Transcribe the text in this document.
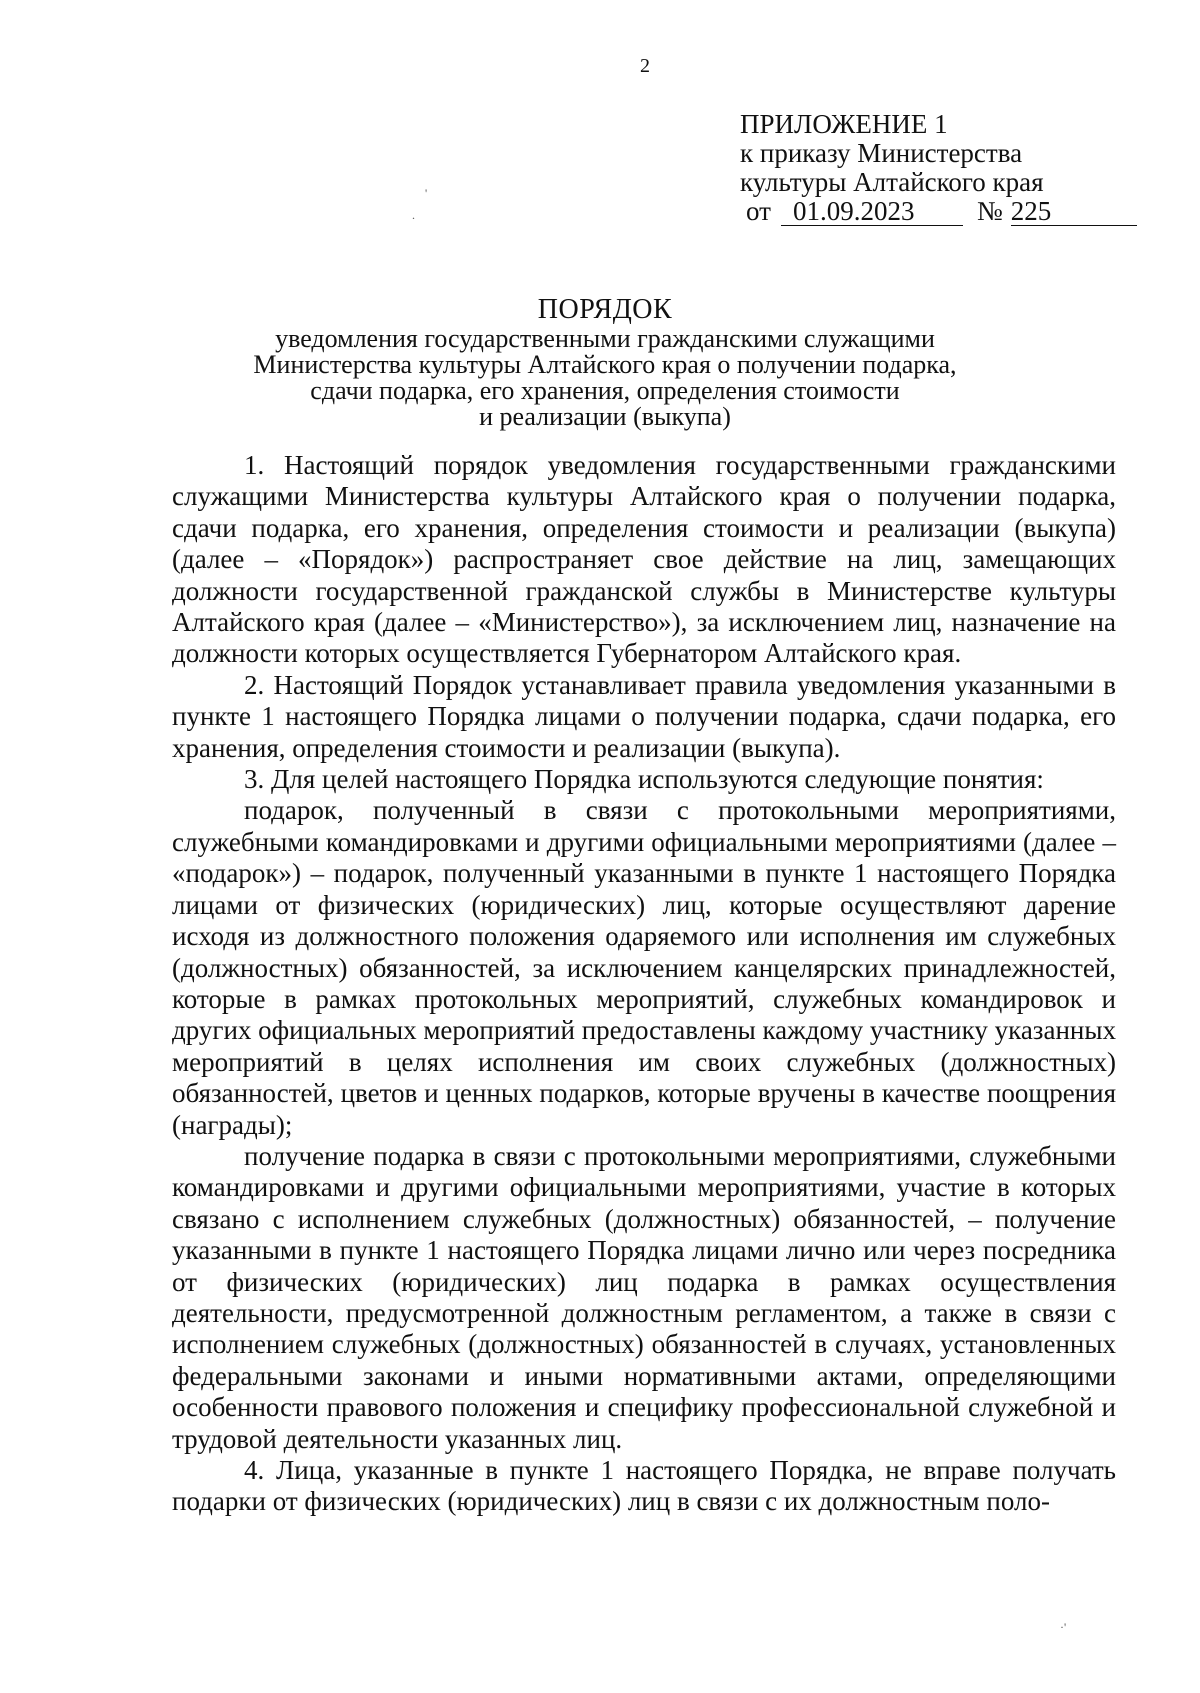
2
ПРИЛОЖЕНИЕ 1
к приказу Министерства
культуры Алтайского края
от 01.09.2023	№ 225
'
.
ПОРЯДОК
уведомления государственными гражданскими служащими
Министерства культуры Алтайского края о получении подарка,
сдачи подарка, его хранения, определения стоимости
и реализации (выкупа)

1. Настоящий порядок уведомления государственными гражданскими служащими Министерства культуры Алтайского края о получении подарка, сдачи подарка, его хранения, определения стоимости и реализации (выкупа) (далее – «Порядок») распространяет свое действие на лиц, замещающих должности государственной гражданской службы в Министерстве культуры Алтайского края (далее – «Министерство»), за исключением лиц, назначение на должности которых осуществляется Губернатором Алтайского края.

2. Настоящий Порядок устанавливает правила уведомления указанными в пункте 1 настоящего Порядка лицами о получении подарка, сдачи подарка, его хранения, определения стоимости и реализации (выкупа).

3. Для целей настоящего Порядка используются следующие понятия:

подарок, полученный в связи с протокольными мероприятиями, служебными командировками и другими официальными мероприятиями (далее – «подарок») – подарок, полученный указанными в пункте 1 настоящего Порядка лицами от физических (юридических) лиц, которые осуществляют дарение исходя из должностного положения одаряемого или исполнения им служебных (должностных) обязанностей, за исключением канцелярских принадлежностей, которые в рамках протокольных мероприятий, служебных командировок и других официальных мероприятий предоставлены каждому участнику указанных мероприятий в целях исполнения им своих служебных (должностных) обязанностей, цветов и ценных подарков, которые вручены в качестве поощрения (награды);

получение подарка в связи с протокольными мероприятиями, служебными командировками и другими официальными мероприятиями, участие в которых связано с исполнением служебных (должностных) обязанностей, – получение указанными в пункте 1 настоящего Порядка лицами лично или через посредника от физических (юридических) лиц подарка в рамках осуществления деятельности, предусмотренной должностным регламентом, а также в связи с исполнением служебных (должностных) обязанностей в случаях, установленных федеральными законами и иными нормативными актами, определяющими особенности правового положения и специфику профессиональной служебной и трудовой деятельности указанных лиц.

4. Лица, указанные в пункте 1 настоящего Порядка, не вправе получать подарки от физических (юридических) лиц в связи с их должностным поло-

·'
